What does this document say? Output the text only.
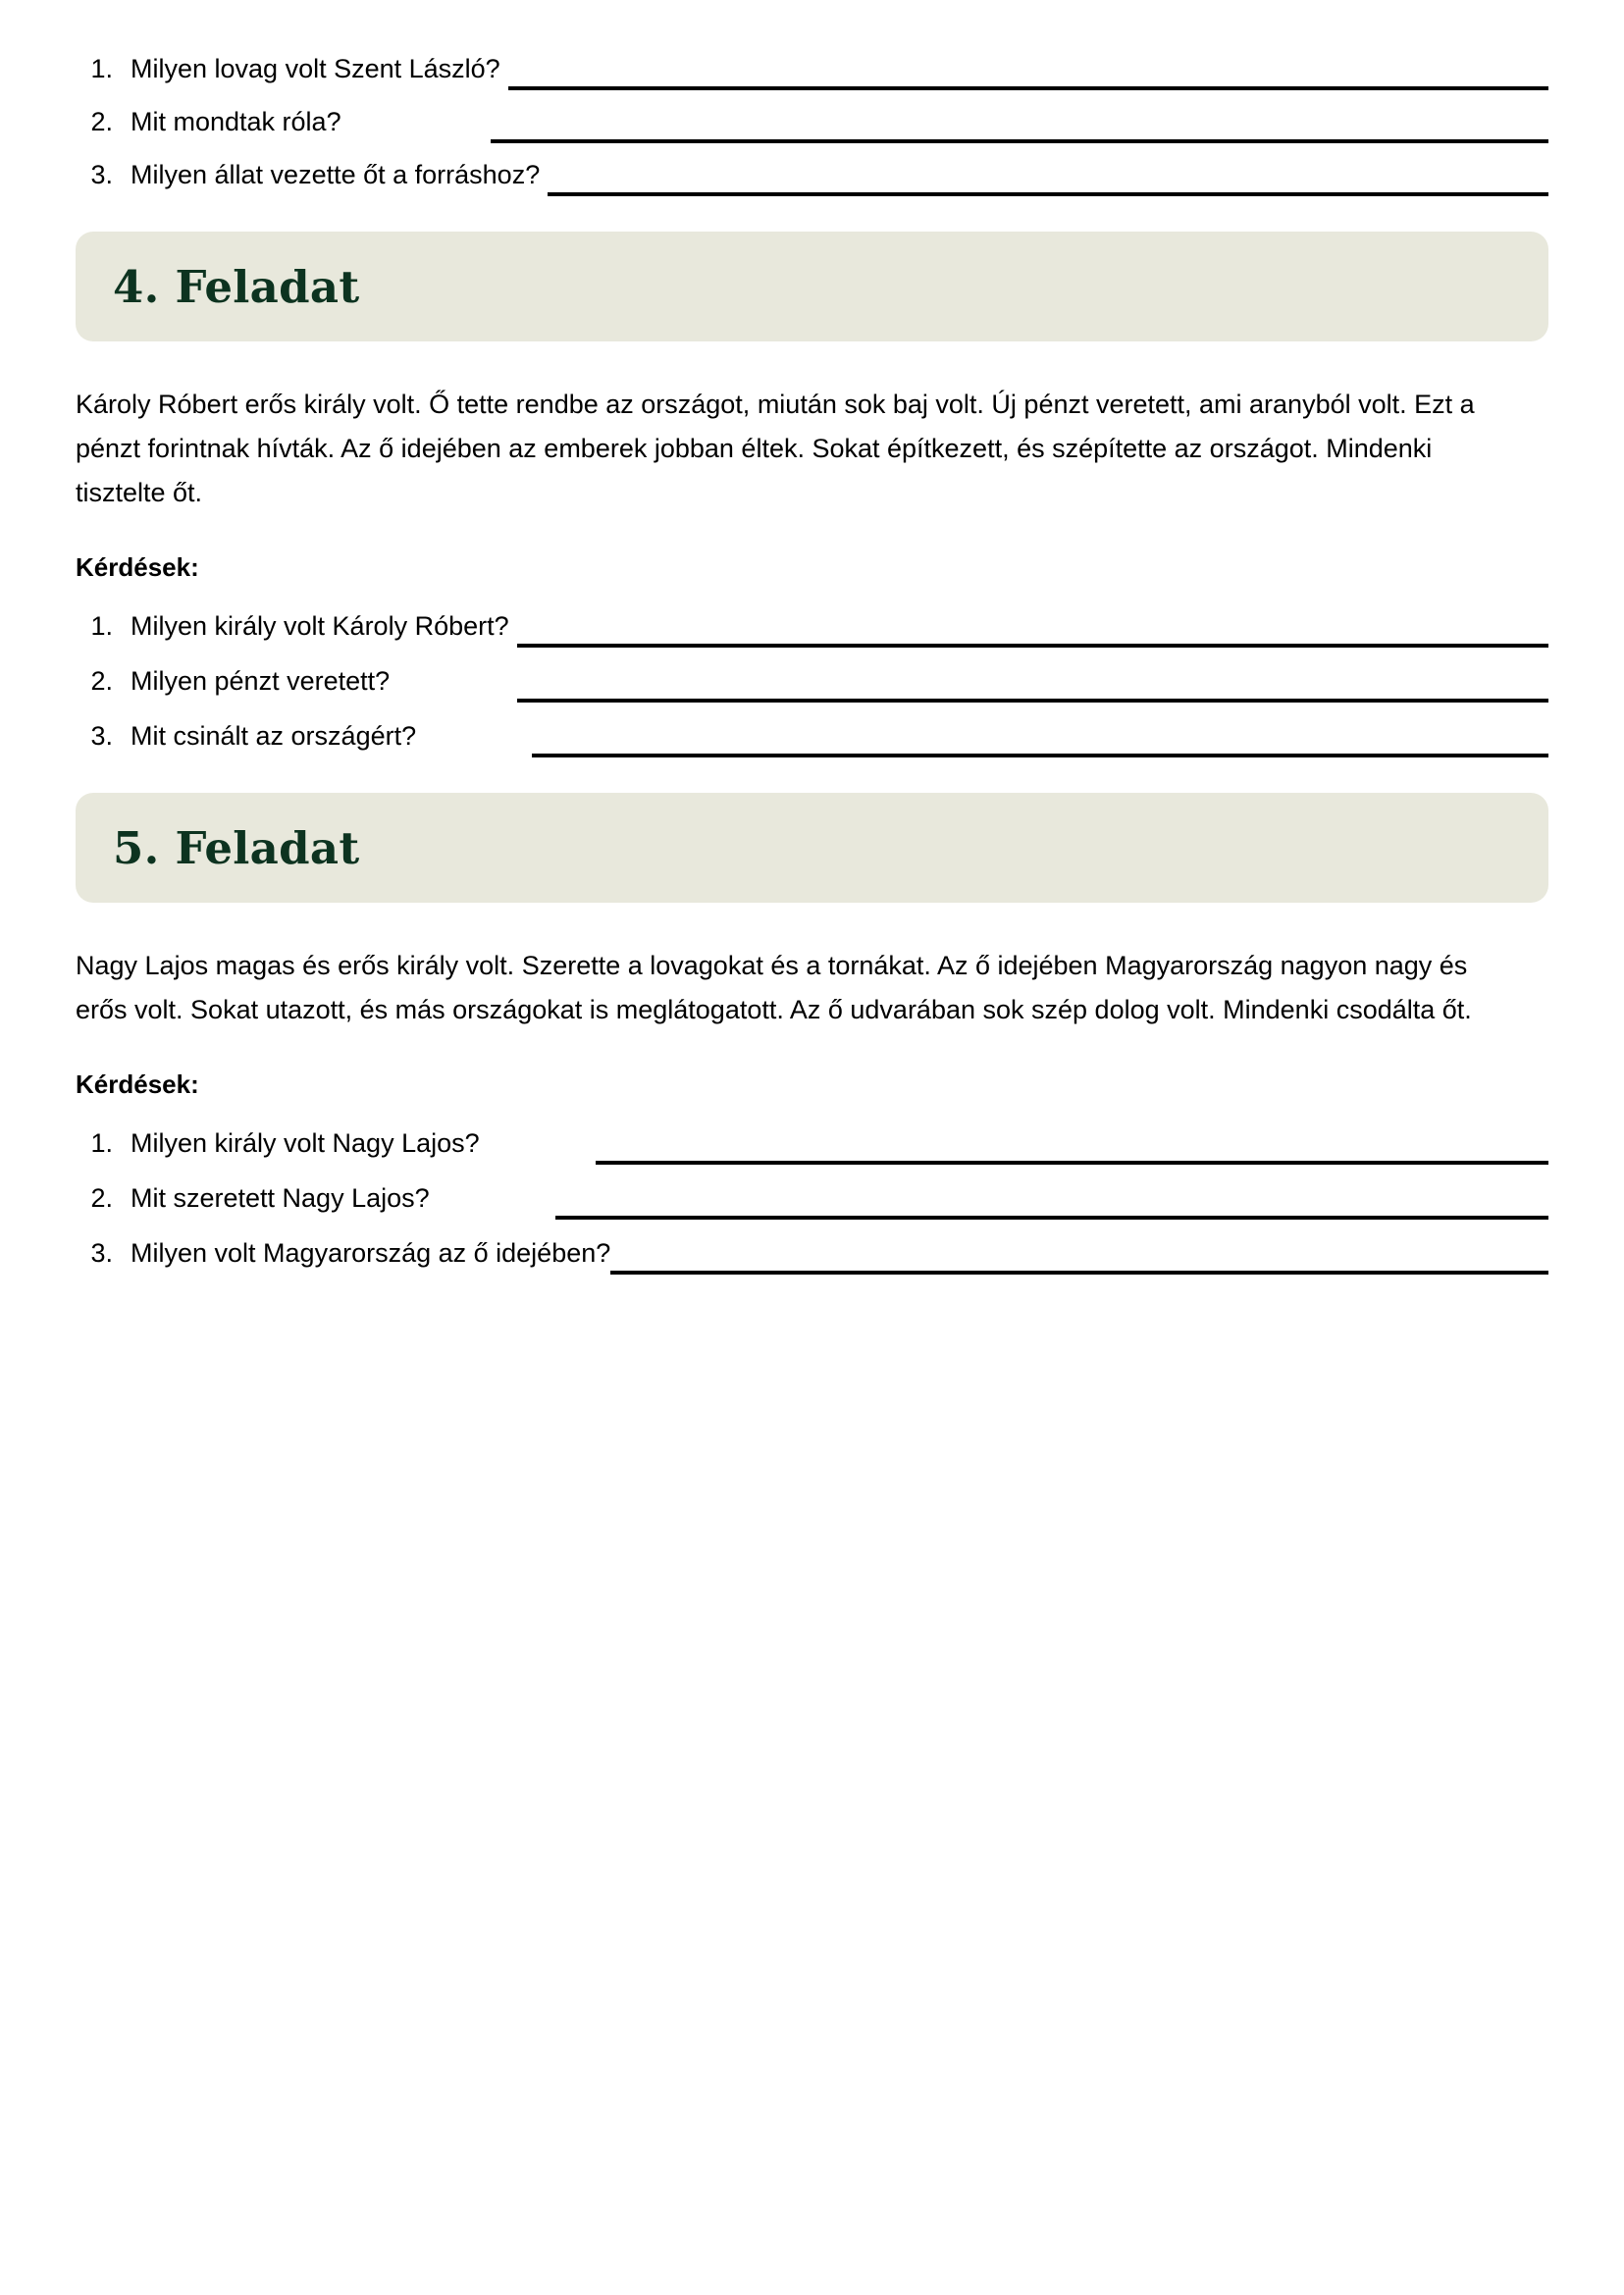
1. Milyen lovag volt Szent László?
2. Mit mondtak róla?
3. Milyen állat vezette őt a forráshoz?
4. Feladat

Károly Róbert erős király volt. Ő tette rendbe az országot, miután sok baj volt. Új pénzt veretett, ami aranyból volt. Ezt a pénzt forintnak hívták. Az ő idejében az emberek jobban éltek. Sokat építkezett, és szépítette az országot. Mindenki tisztelte őt.

Kérdések:
1. Milyen király volt Károly Róbert?
2. Milyen pénzt veretett?
3. Mit csinált az országért?
5. Feladat

Nagy Lajos magas és erős király volt. Szerette a lovagokat és a tornákat. Az ő idejében Magyarország nagyon nagy és erős volt. Sokat utazott, és más országokat is meglátogatott. Az ő udvarában sok szép dolog volt. Mindenki csodálta őt.

Kérdések:
1. Milyen király volt Nagy Lajos?
2. Mit szeretett Nagy Lajos?
3. Milyen volt Magyarország az ő idejében?
